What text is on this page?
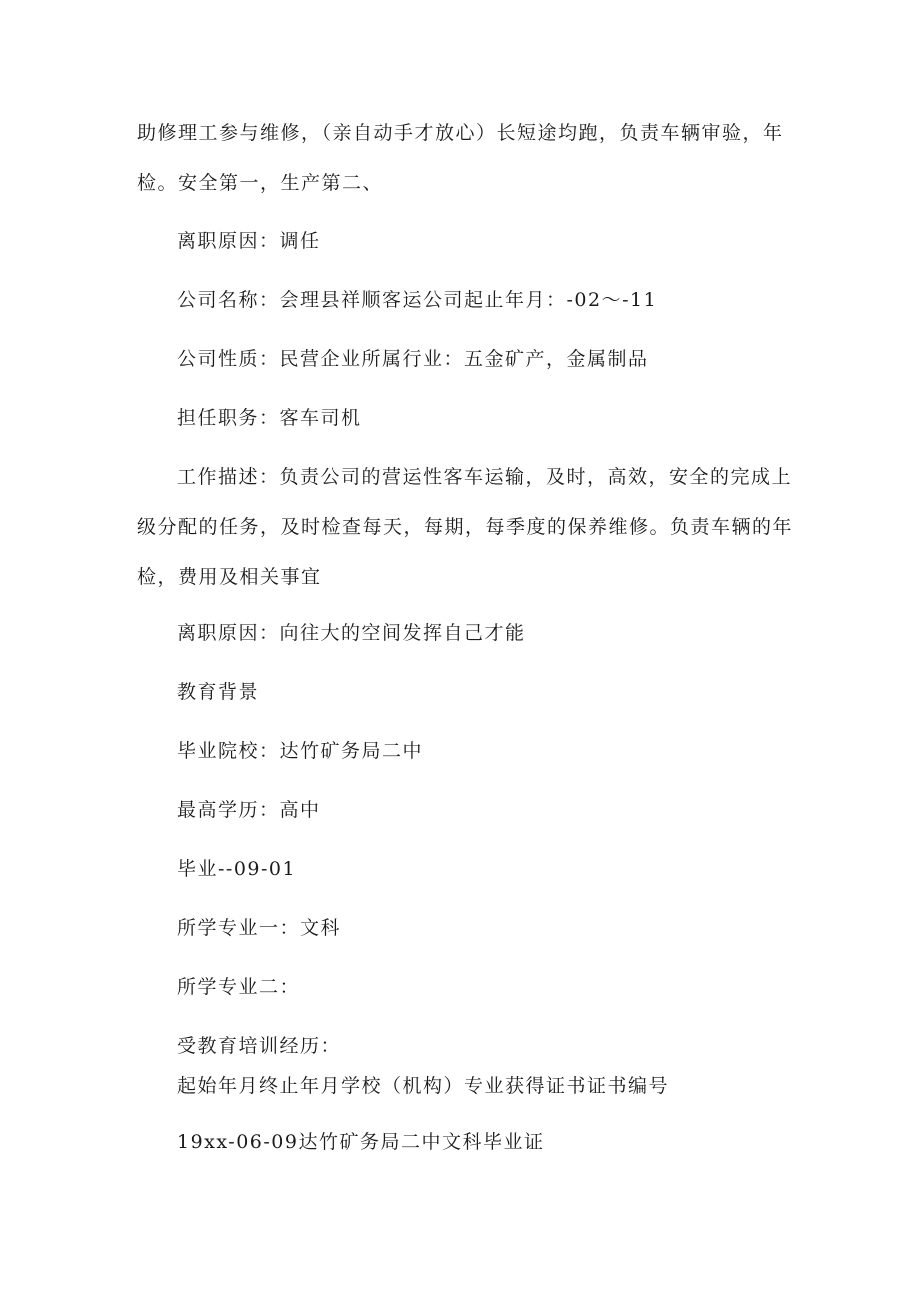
助修理工参与维修，（亲自动手才放心）长短途均跑，负责车辆审验，年
检。安全第一，生产第二、
离职原因：调任
公司名称：会理县祥顺客运公司起止年月：-02～-11
公司性质：民营企业所属行业：五金矿产，金属制品
担任职务：客车司机
工作描述：负责公司的营运性客车运输，及时，高效，安全的完成上
级分配的任务，及时检查每天，每期，每季度的保养维修。负责车辆的年
检，费用及相关事宜
离职原因：向往大的空间发挥自己才能
教育背景
毕业院校：达竹矿务局二中
最高学历：高中
毕业--09-01
所学专业一：文科
所学专业二：
受教育培训经历：
起始年月终止年月学校（机构）专业获得证书证书编号
19xx-06-09达竹矿务局二中文科毕业证
